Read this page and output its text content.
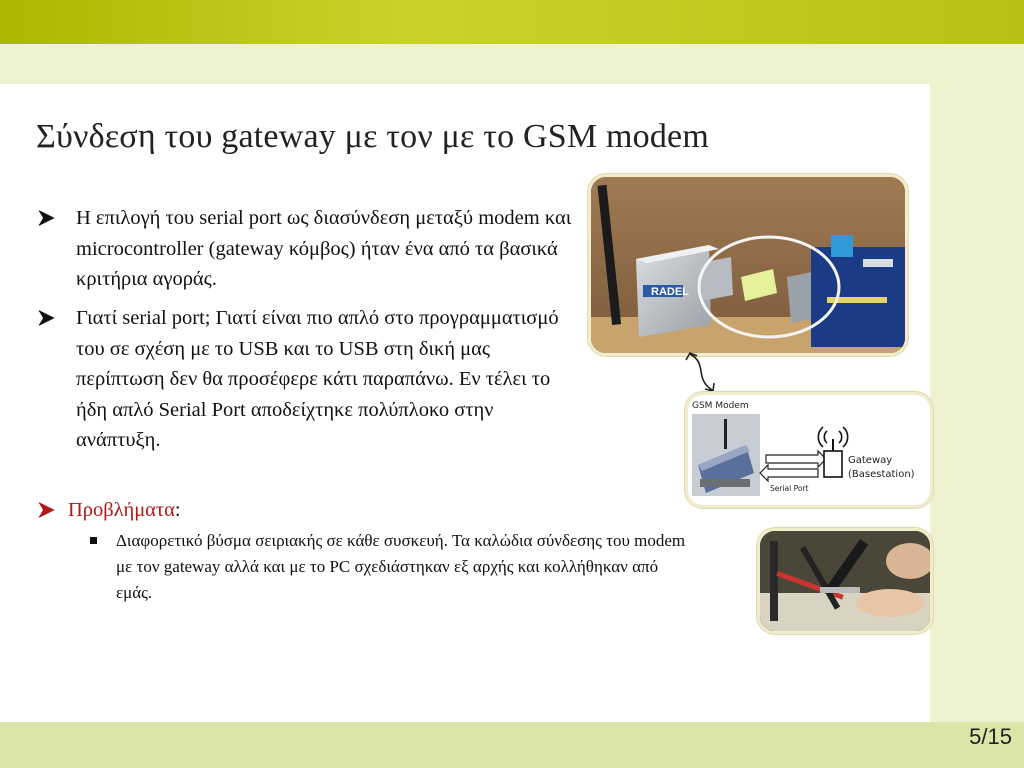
Σύνδεση του gateway με τον με το GSM modem
Η επιλογή του serial port ως διασύνδεση μεταξύ modem και microcontroller (gateway κόμβος) ήταν ένα από τα βασικά κριτήρια αγοράς.
Γιατί serial port; Γιατί είναι πιο απλό στο προγραμματισμό του σε σχέση με το USB και το USB στη δική μας περίπτωση δεν θα προσέφερε κάτι παραπάνω. Εν τέλει το ήδη απλό Serial Port αποδείχτηκε πολύπλοκο στην ανάπτυξη.
Προβλήματα:
Διαφορετικό βύσμα σειριακής σε κάθε συσκευή. Τα καλώδια σύνδεσης του modem με τον gateway αλλά και με το PC σχεδιάστηκαν εξ αρχής και κολλήθηκαν από εμάς.
RADEL
GSM Modem
Serial Port
Gateway
(Basestation)
5/15
